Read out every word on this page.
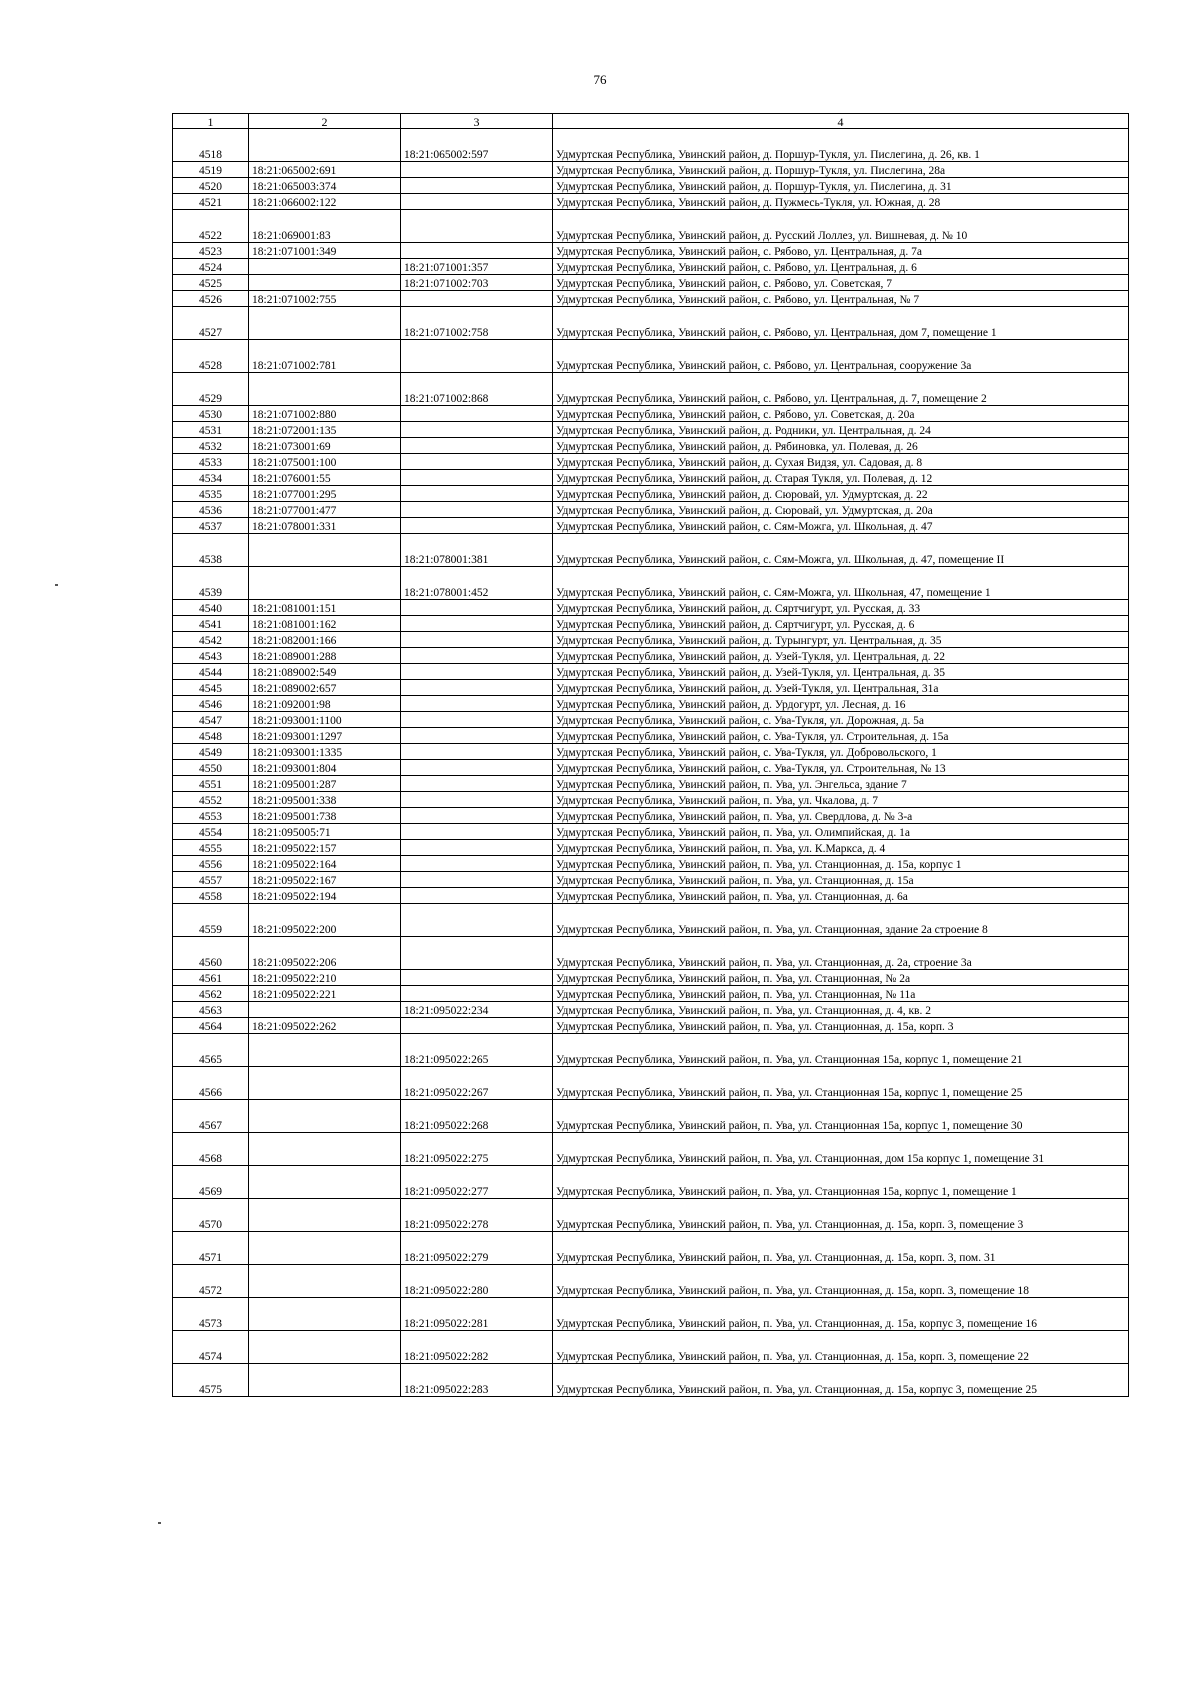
76
1	2	3	4
4518		18:21:065002:597	Удмуртская Республика, Увинский район, д. Поршур-Тукля, ул. Пислегина, д. 26, кв. 1
4519	18:21:065002:691		Удмуртская Республика, Увинский район, д. Поршур-Тукля, ул. Пислегина, 28а
4520	18:21:065003:374		Удмуртская Республика, Увинский район, д. Поршур-Тукля, ул. Пислегина, д. 31
4521	18:21:066002:122		Удмуртская Республика, Увинский район, д. Пужмесь-Тукля, ул. Южная, д. 28
4522	18:21:069001:83		Удмуртская Республика, Увинский район, д. Русский Лоллез, ул. Вишневая, д. № 10
4523	18:21:071001:349		Удмуртская Республика, Увинский район, с. Рябово, ул. Центральная, д. 7а
4524		18:21:071001:357	Удмуртская Республика, Увинский район, с. Рябово, ул. Центральная, д. 6
4525		18:21:071002:703	Удмуртская Республика, Увинский район, с. Рябово, ул. Советская, 7
4526	18:21:071002:755		Удмуртская Республика, Увинский район, с. Рябово, ул. Центральная, № 7
4527		18:21:071002:758	Удмуртская Республика, Увинский район, с. Рябово, ул. Центральная, дом 7, помещение 1
4528	18:21:071002:781		Удмуртская Республика, Увинский район, с. Рябово, ул. Центральная, сооружение 3а
4529		18:21:071002:868	Удмуртская Республика, Увинский район, с. Рябово, ул. Центральная, д. 7, помещение 2
4530	18:21:071002:880		Удмуртская Республика, Увинский район, с. Рябово, ул. Советская, д. 20а
4531	18:21:072001:135		Удмуртская Республика, Увинский район, д. Родники, ул. Центральная, д. 24
4532	18:21:073001:69		Удмуртская Республика, Увинский район, д. Рябиновка, ул. Полевая, д. 26
4533	18:21:075001:100		Удмуртская Республика, Увинский район, д. Сухая Видзя, ул. Садовая, д. 8
4534	18:21:076001:55		Удмуртская Республика, Увинский район, д. Старая Тукля, ул. Полевая, д. 12
4535	18:21:077001:295		Удмуртская Республика, Увинский район, д. Сюровай, ул. Удмуртская, д. 22
4536	18:21:077001:477		Удмуртская Республика, Увинский район, д. Сюровай, ул. Удмуртская, д. 20а
4537	18:21:078001:331		Удмуртская Республика, Увинский район, с. Сям-Можга, ул. Школьная, д. 47
4538		18:21:078001:381	Удмуртская Республика, Увинский район, с. Сям-Можга, ул. Школьная, д. 47, помещение II
4539		18:21:078001:452	Удмуртская Республика, Увинский район, с. Сям-Можга, ул. Школьная, 47, помещение 1
4540	18:21:081001:151		Удмуртская Республика, Увинский район, д. Сяртчигурт, ул. Русская, д. 33
4541	18:21:081001:162		Удмуртская Республика, Увинский район, д. Сяртчигурт, ул. Русская, д. 6
4542	18:21:082001:166		Удмуртская Республика, Увинский район, д. Турынгурт, ул. Центральная, д. 35
4543	18:21:089001:288		Удмуртская Республика, Увинский район, д. Узей-Тукля, ул. Центральная, д. 22
4544	18:21:089002:549		Удмуртская Республика, Увинский район, д. Узей-Тукля, ул. Центральная, д. 35
4545	18:21:089002:657		Удмуртская Республика, Увинский район, д. Узей-Тукля, ул. Центральная, 31а
4546	18:21:092001:98		Удмуртская Республика, Увинский район, д. Урдогурт, ул. Лесная, д. 16
4547	18:21:093001:1100		Удмуртская Республика, Увинский район, с. Ува-Тукля, ул. Дорожная, д. 5а
4548	18:21:093001:1297		Удмуртская Республика, Увинский район, с. Ува-Тукля, ул. Строительная, д. 15а
4549	18:21:093001:1335		Удмуртская Республика, Увинский район, с. Ува-Тукля, ул. Добровольского, 1
4550	18:21:093001:804		Удмуртская Республика, Увинский район, с. Ува-Тукля, ул. Строительная, № 13
4551	18:21:095001:287		Удмуртская Республика, Увинский район, п. Ува, ул. Энгельса, здание 7
4552	18:21:095001:338		Удмуртская Республика, Увинский район, п. Ува, ул. Чкалова, д. 7
4553	18:21:095001:738		Удмуртская Республика, Увинский район, п. Ува, ул. Свердлова, д. № 3-а
4554	18:21:095005:71		Удмуртская Республика, Увинский район, п. Ува, ул. Олимпийская, д. 1а
4555	18:21:095022:157		Удмуртская Республика, Увинский район, п. Ува, ул. К.Маркса, д. 4
4556	18:21:095022:164		Удмуртская Республика, Увинский район, п. Ува, ул. Станционная, д. 15а, корпус 1
4557	18:21:095022:167		Удмуртская Республика, Увинский район, п. Ува, ул. Станционная, д. 15а
4558	18:21:095022:194		Удмуртская Республика, Увинский район, п. Ува, ул. Станционная, д. 6а
4559	18:21:095022:200		Удмуртская Республика, Увинский район, п. Ува, ул. Станционная, здание 2а строение 8
4560	18:21:095022:206		Удмуртская Республика, Увинский район, п. Ува, ул. Станционная, д. 2а, строение 3а
4561	18:21:095022:210		Удмуртская Республика, Увинский район, п. Ува, ул. Станционная, № 2а
4562	18:21:095022:221		Удмуртская Республика, Увинский район, п. Ува, ул. Станционная, № 11а
4563		18:21:095022:234	Удмуртская Республика, Увинский район, п. Ува, ул. Станционная, д. 4, кв. 2
4564	18:21:095022:262		Удмуртская Республика, Увинский район, п. Ува, ул. Станционная, д. 15а, корп. 3
4565		18:21:095022:265	Удмуртская Республика, Увинский район, п. Ува, ул. Станционная 15а, корпус 1, помещение 21
4566		18:21:095022:267	Удмуртская Республика, Увинский район, п. Ува, ул. Станционная 15а, корпус 1, помещение 25
4567		18:21:095022:268	Удмуртская Республика, Увинский район, п. Ува, ул. Станционная 15а, корпус 1, помещение 30
4568		18:21:095022:275	Удмуртская Республика, Увинский район, п. Ува, ул. Станционная, дом 15а корпус 1, помещение 31
4569		18:21:095022:277	Удмуртская Республика, Увинский район, п. Ува, ул. Станционная 15а, корпус 1, помещение 1
4570		18:21:095022:278	Удмуртская Республика, Увинский район, п. Ува, ул. Станционная, д. 15а, корп. 3, помещение 3
4571		18:21:095022:279	Удмуртская Республика, Увинский район, п. Ува, ул. Станционная, д. 15а, корп. 3, пом. 31
4572		18:21:095022:280	Удмуртская Республика, Увинский район, п. Ува, ул. Станционная, д. 15а, корп. 3, помещение 18
4573		18:21:095022:281	Удмуртская Республика, Увинский район, п. Ува, ул. Станционная, д. 15а, корпус 3, помещение 16
4574		18:21:095022:282	Удмуртская Республика, Увинский район, п. Ува, ул. Станционная, д. 15а, корп. 3, помещение 22
4575		18:21:095022:283	Удмуртская Республика, Увинский район, п. Ува, ул. Станционная, д. 15а, корпус 3, помещение 25
